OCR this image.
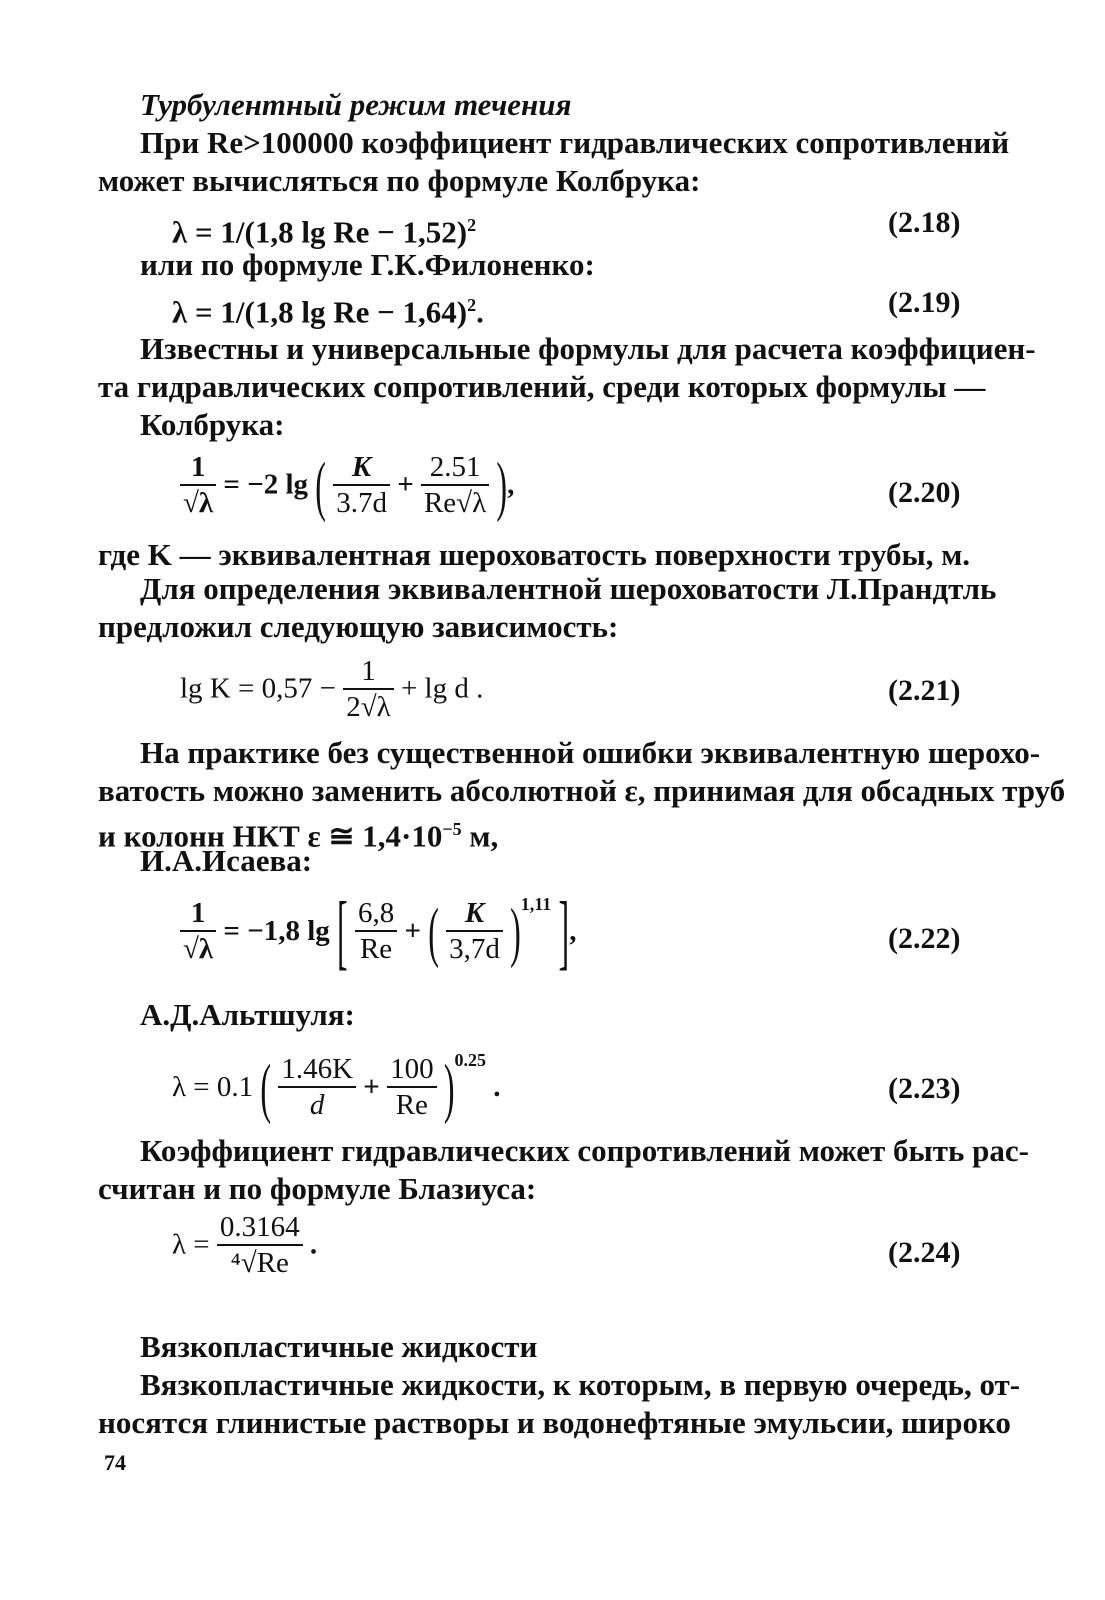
Турбулентный режим течения
При Re>100000 коэффициент гидравлических сопротивлений
может вычисляться по формуле Колбрука:
λ = 1/(1,8 lg Re − 1,52)$^2$	(2.18)
или по формуле Г.К.Филоненко:
λ = 1/(1,8 lg Re − 1,64)$^2$.	(2.19)
Известны и универсальные формулы для расчета коэффициен-
та гидравлических сопротивлений, среди которых формулы —
Колбрука:
$\frac{1}{√\lambda} = -2$ lg ( $\frac{K}{3.7d} + \frac{2.51}{Re√\lambda}$ ),	(2.20)
где K — эквивалентная шероховатость поверхности трубы, м.
Для определения эквивалентной шероховатости Л.Прандтль
предложил следующую зависимость:
$\lg K = 0,57 - \frac{1}{2√\lambda} + \lg d$ .	(2.21)
На практике без существенной ошибки эквивалентную шерохо-
ватость можно заменить абсолютной ε, принимая для обсадных труб
и колонн НКТ ε ≅ $1,4\cdot 10^{-5}$ м,
И.А.Исаева:
$\frac{1}{√\lambda} = -1,8$ lg [ $\frac{6,8}{Re}$ + ( $\frac{K}{3,7d} )^{1,11}$ ],	(2.22)
А.Д.Альтшуля:
λ = 0.1 ( $\frac{1.46K}{d} + \frac{100}{Re} )^{0.25}$ .	(2.23)
Коэффициент гидравлических сопротивлений может быть рас-
считан и по формуле Блазиуса:
$\lambda = \frac{0.3164}{\text{⁴√Re}}$ .	(2.24)
Вязкопластичные жидкости
Вязкопластичные жидкости, к которым, в первую очередь, от-
носятся глинистые растворы и водонефтяные эмульсии, широко
74
